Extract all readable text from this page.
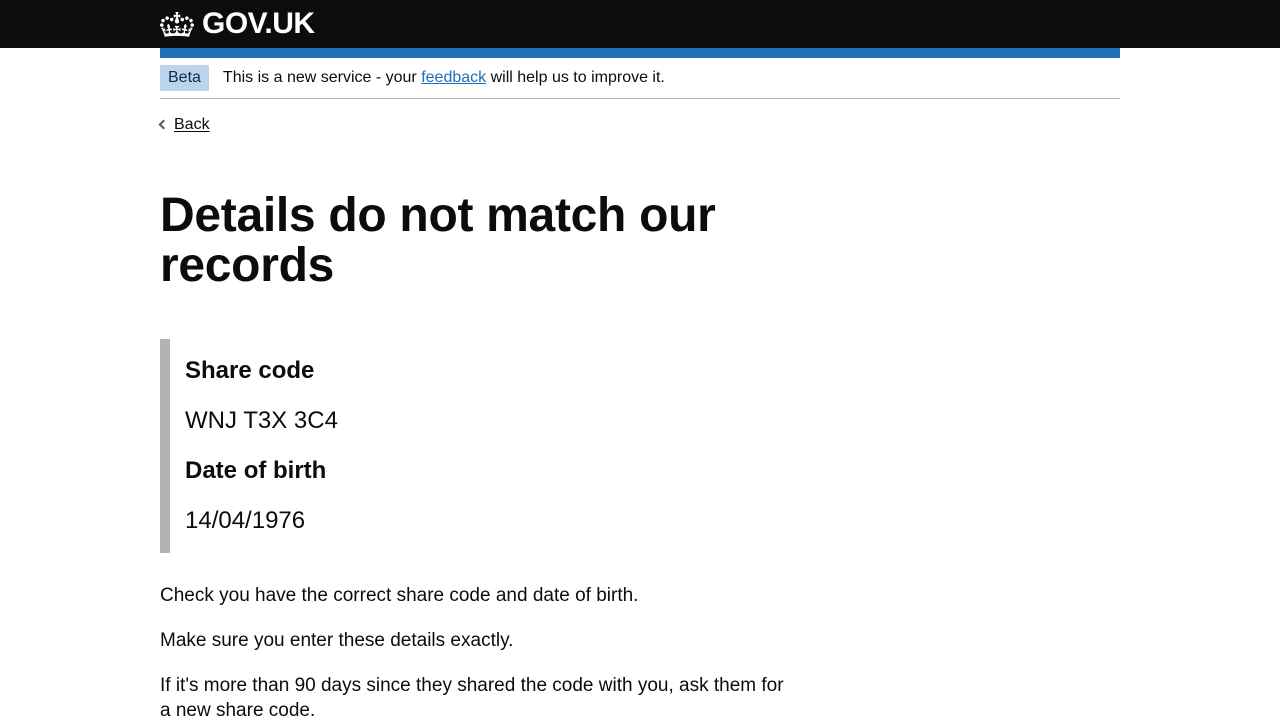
GOV.UK
Beta	This is a new service - your feedback will help us to improve it.
Back
Details do not match our records

Share code

WNJ T3X 3C4

Date of birth

14/04/1976

Check you have the correct share code and date of birth.

Make sure you enter these details exactly.

If it's more than 90 days since they shared the code with you, ask them for a new share code.
